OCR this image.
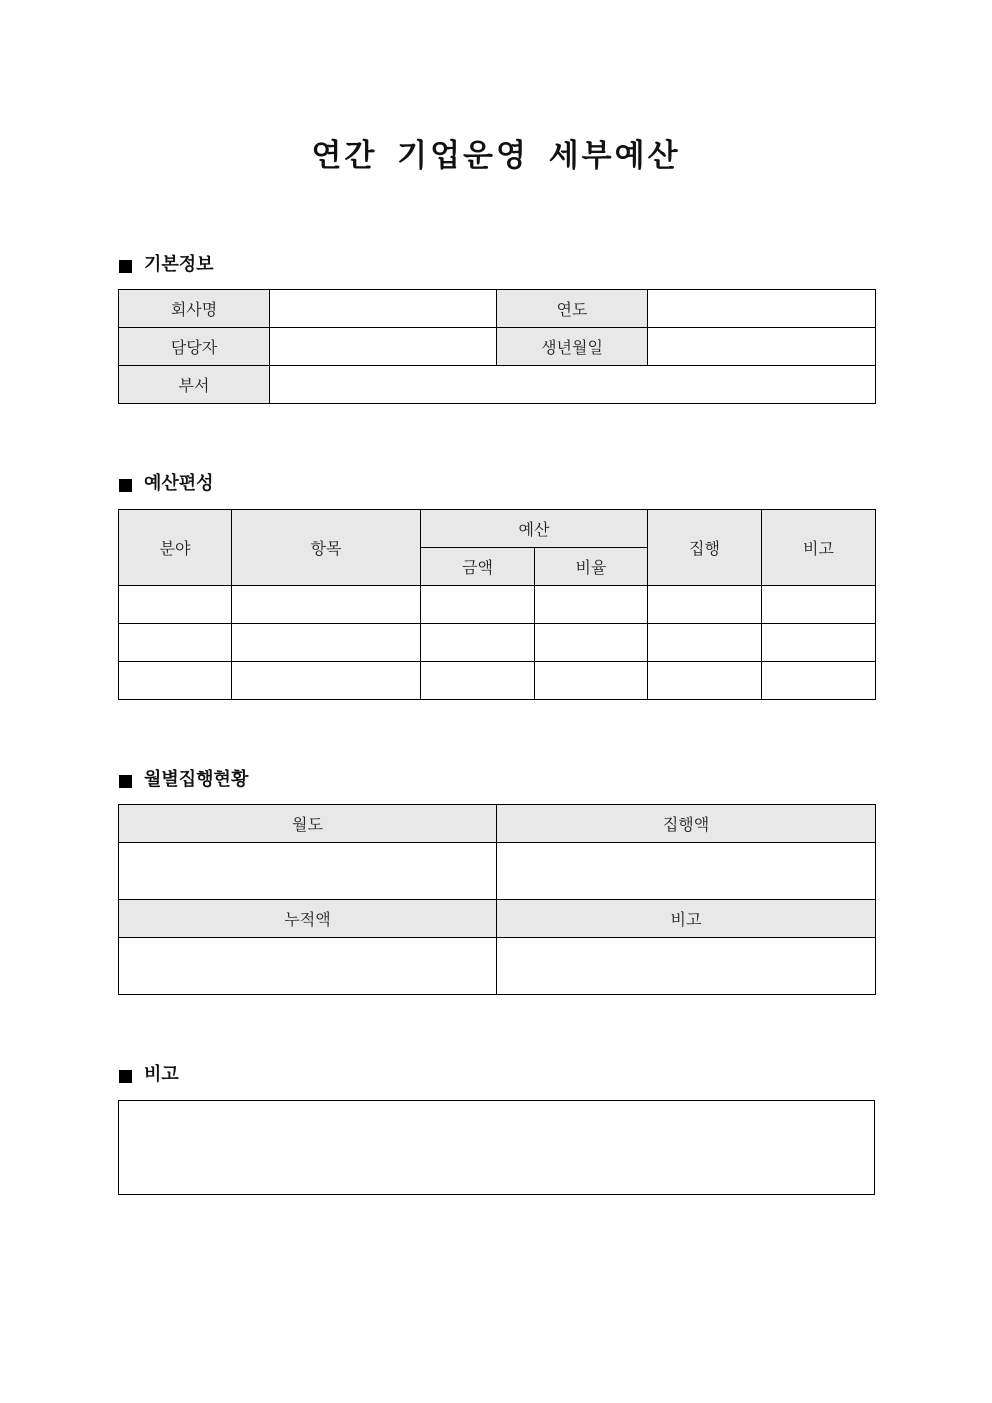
연간 기업운영 세부예산
기본정보
회사명		연도	
담당자		생년월일	
부서			
예산편성
분야	항목	예산		집행	비고
		금액	비율		

월별집행현황
월도	집행액

누적액	비고

비고
